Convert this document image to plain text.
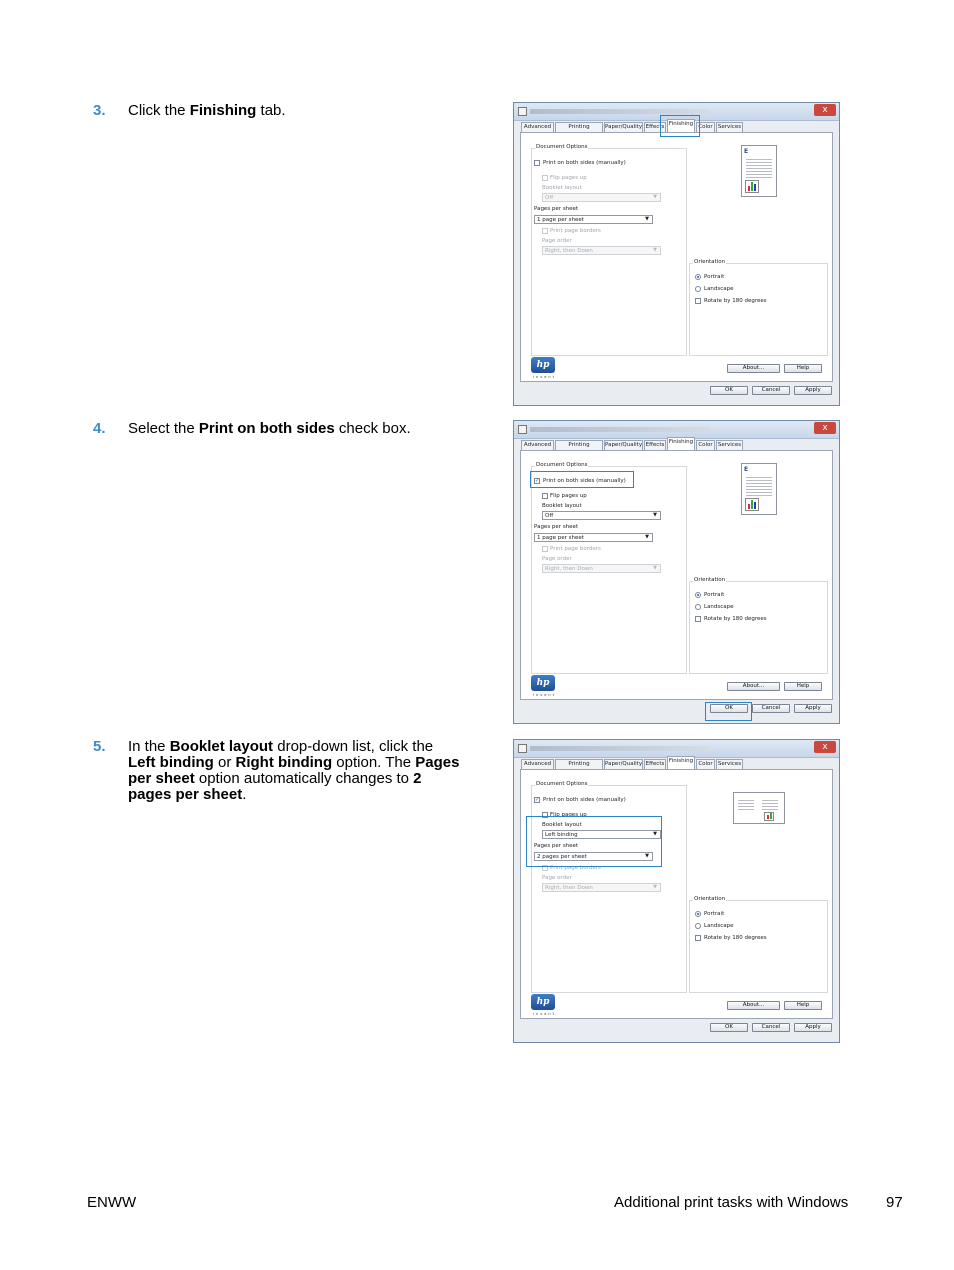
3. Click the Finishing tab.
4. Select the Print on both sides check box.
5. In the Booklet layout drop-down list, click the Left binding or Right binding option. The Pages per sheet option automatically changes to 2 pages per sheet.
x
Advanced	Printing	Paper/Quality Effects Finishing Color Services
Document Options
Print on both sides (manually)
Flip pages up
Booklet layout
Off	▼
Pages per sheet
1 page per sheet	▼
Print page borders
Page order
Right, then Down	▼
E
Orientation
Portrait
Landscape
Rotate by 180 degrees
hp
invent
About...	Help
OK	Cancel	Apply
x
Advanced	Printing	Paper/Quality Effects Finishing Color Services
Document Options
✓ Print on both sides (manually)
Flip pages up
Booklet layout
Off	▼
Pages per sheet
1 page per sheet	▼
Print page borders
Page order
Right, then Down	▼
E
Orientation
Portrait
Landscape
Rotate by 180 degrees
hp
invent
About...	Help
OK	Cancel	Apply
x
Advanced	Printing	Paper/Quality Effects Finishing Color Services
Document Options
✓ Print on both sides (manually)
Flip pages up
Booklet layout
Left binding	▼
Pages per sheet
2 pages per sheet	▼
Print page borders
Page order
Right, then Down	▼
Orientation
Portrait
Landscape
Rotate by 180 degrees
hp
invent
About...	Help
OK	Cancel	Apply
ENWW	Additional print tasks with Windows	97
